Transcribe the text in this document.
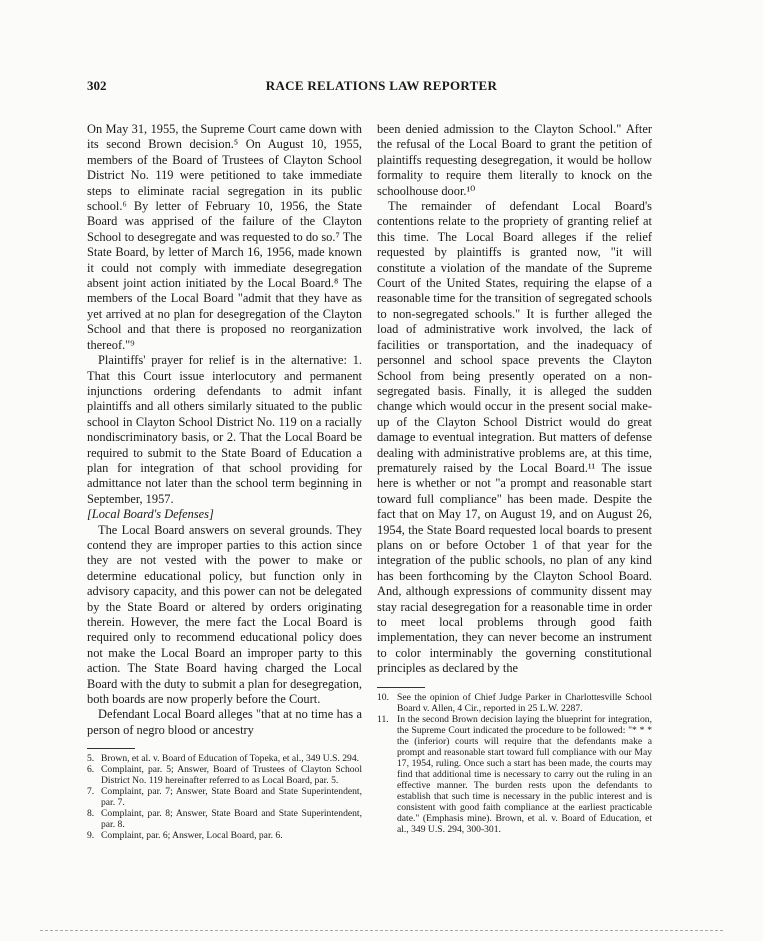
302	RACE RELATIONS LAW REPORTER

On May 31, 1955, the Supreme Court came down with its second Brown decision.⁵ On August 10, 1955, members of the Board of Trustees of Clayton School District No. 119 were petitioned to take immediate steps to eliminate racial segregation in its public school.⁶ By letter of February 10, 1956, the State Board was apprised of the failure of the Clayton School to desegregate and was requested to do so.⁷ The State Board, by letter of March 16, 1956, made known it could not comply with immediate desegregation absent joint action initiated by the Local Board.⁸ The members of the Local Board "admit that they have as yet arrived at no plan for desegregation of the Clayton School and that there is proposed no reorganization thereof."⁹

Plaintiffs' prayer for relief is in the alternative: 1. That this Court issue interlocutory and permanent injunctions ordering defendants to admit infant plaintiffs and all others similarly situated to the public school in Clayton School District No. 119 on a racially nondiscriminatory basis, or 2. That the Local Board be required to submit to the State Board of Education a plan for integration of that school providing for admittance not later than the school term beginning in September, 1957.

[Local Board's Defenses]

The Local Board answers on several grounds. They contend they are improper parties to this action since they are not vested with the power to make or determine educational policy, but function only in advisory capacity, and this power can not be delegated by the State Board or altered by orders originating therein. However, the mere fact the Local Board is required only to recommend educational policy does not make the Local Board an improper party to this action. The State Board having charged the Local Board with the duty to submit a plan for desegregation, both boards are now properly before the Court.

Defendant Local Board alleges "that at no time has a person of negro blood or ancestry

5. Brown, et al. v. Board of Education of Topeka, et al., 349 U.S. 294.
6. Complaint, par. 5; Answer, Board of Trustees of Clayton School District No. 119 hereinafter referred to as Local Board, par. 5.
7. Complaint, par. 7; Answer, State Board and State Superintendent, par. 7.
8. Complaint, par. 8; Answer, State Board and State Superintendent, par. 8.
9. Complaint, par. 6; Answer, Local Board, par. 6.

been denied admission to the Clayton School." After the refusal of the Local Board to grant the petition of plaintiffs requesting desegregation, it would be hollow formality to require them literally to knock on the schoolhouse door.¹⁰

The remainder of defendant Local Board's contentions relate to the propriety of granting relief at this time. The Local Board alleges if the relief requested by plaintiffs is granted now, "it will constitute a violation of the mandate of the Supreme Court of the United States, requiring the elapse of a reasonable time for the transition of segregated schools to non-segregated schools." It is further alleged the load of administrative work involved, the lack of facilities or transportation, and the inadequacy of personnel and school space prevents the Clayton School from being presently operated on a non-segregated basis. Finally, it is alleged the sudden change which would occur in the present social make-up of the Clayton School District would do great damage to eventual integration. But matters of defense dealing with administrative problems are, at this time, prematurely raised by the Local Board.¹¹ The issue here is whether or not "a prompt and reasonable start toward full compliance" has been made. Despite the fact that on May 17, on August 19, and on August 26, 1954, the State Board requested local boards to present plans on or before October 1 of that year for the integration of the public schools, no plan of any kind has been forthcoming by the Clayton School Board. And, although expressions of community dissent may stay racial desegregation for a reasonable time in order to meet local problems through good faith implementation, they can never become an instrument to color interminably the governing constitutional principles as declared by the

10. See the opinion of Chief Judge Parker in Charlottesville School Board v. Allen, 4 Cir., reported in 25 L.W. 2287.
11. In the second Brown decision laying the blueprint for integration, the Supreme Court indicated the procedure to be followed: "* * * the (inferior) courts will require that the defendants make a prompt and reasonable start toward full compliance with our May 17, 1954, ruling. Once such a start has been made, the courts may find that additional time is necessary to carry out the ruling in an effective manner. The burden rests upon the defendants to establish that such time is necessary in the public interest and is consistent with good faith compliance at the earliest practicable date." (Emphasis mine). Brown, et al. v. Board of Education, et al., 349 U.S. 294, 300-301.
